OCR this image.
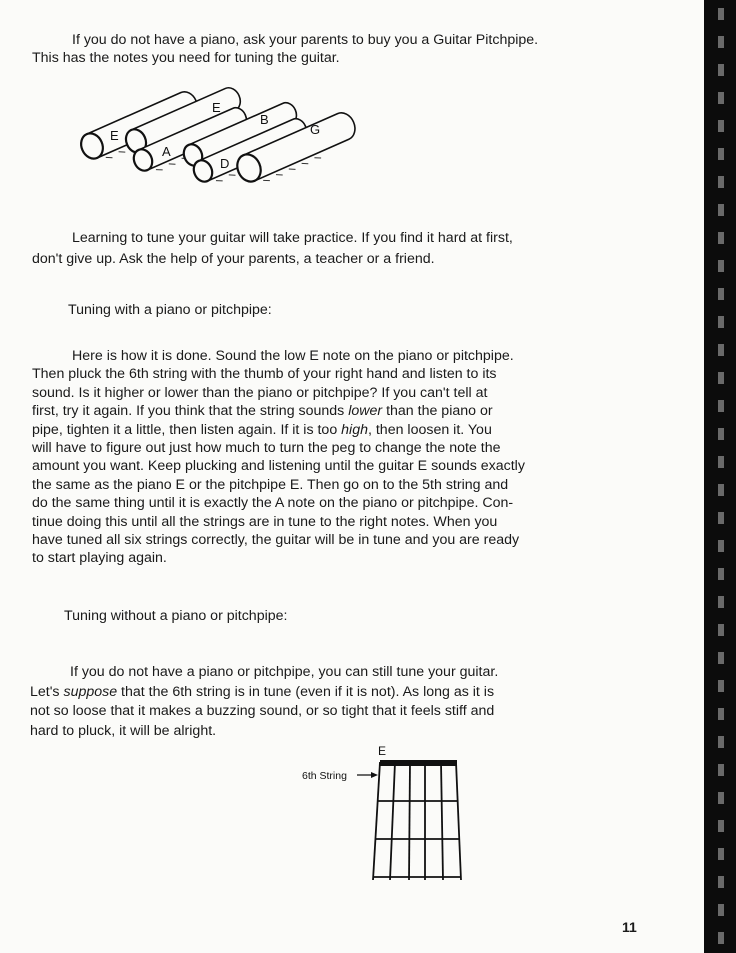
If you do not have a piano, ask your parents to buy you a Guitar Pitchpipe.
This has the notes you need for tuning the guitar.
E
E
A
B
D
G
E
6th String
Learning to tune your guitar will take practice. If you find it hard at first,
don't give up. Ask the help of your parents, a teacher or a friend.
Tuning with a piano or pitchpipe:
Here is how it is done. Sound the low E note on the piano or pitchpipe.
Then pluck the 6th string with the thumb of your right hand and listen to its
sound. Is it higher or lower than the piano or pitchpipe? If you can't tell at
first, try it again. If you think that the string sounds lower than the piano or
pipe, tighten it a little, then listen again. If it is too high, then loosen it. You
will have to figure out just how much to turn the peg to change the note the
amount you want. Keep plucking and listening until the guitar E sounds exactly
the same as the piano E or the pitchpipe E. Then go on to the 5th string and
do the same thing until it is exactly the A note on the piano or pitchpipe. Con-
tinue doing this until all the strings are in tune to the right notes. When you
have tuned all six strings correctly, the guitar will be in tune and you are ready
to start playing again.
Tuning without a piano or pitchpipe:
If you do not have a piano or pitchpipe, you can still tune your guitar.
Let's suppose that the 6th string is in tune (even if it is not). As long as it is
not so loose that it makes a buzzing sound, or so tight that it feels stiff and
hard to pluck, it will be alright.
11
